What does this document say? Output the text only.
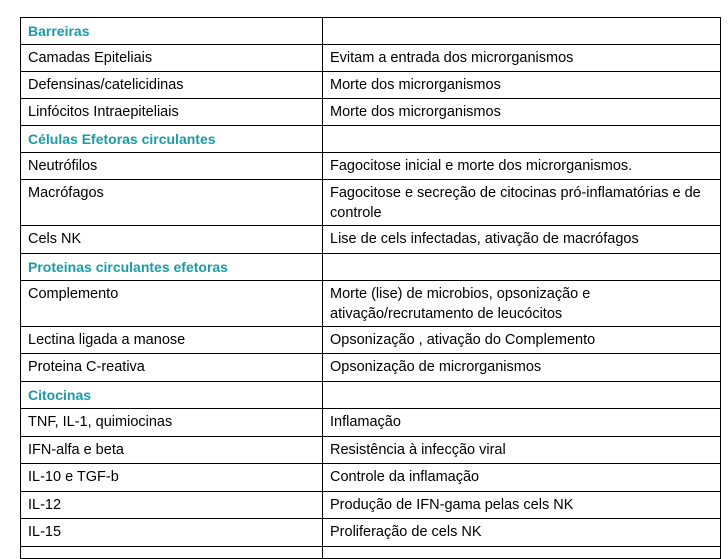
Barreiras	
Camadas Epiteliais	Evitam a entrada dos microrganismos
Defensinas/catelicidinas	Morte dos microrganismos
Linfócitos Intraepiteliais	Morte dos microrganismos
Células Efetoras circulantes	
Neutrófilos	Fagocitose inicial e morte dos microrganismos.
Macrófagos	Fagocitose e secreção de citocinas pró-inflamatórias e de controle
Cels NK	Lise de cels infectadas, ativação de macrófagos
Proteinas circulantes efetoras	
Complemento	Morte (lise) de microbios, opsonização e ativação/recrutamento de leucócitos
Lectina ligada a manose	Opsonização , ativação do Complemento
Proteina C-reativa	Opsonização de microrganismos
Citocinas	
TNF, IL-1, quimiocinas	Inflamação
IFN-alfa e beta	Resistência à infecção viral
IL-10 e TGF-b	Controle da inflamação
IL-12	Produção de IFN-gama pelas cels NK
IL-15	Proliferação de cels NK
